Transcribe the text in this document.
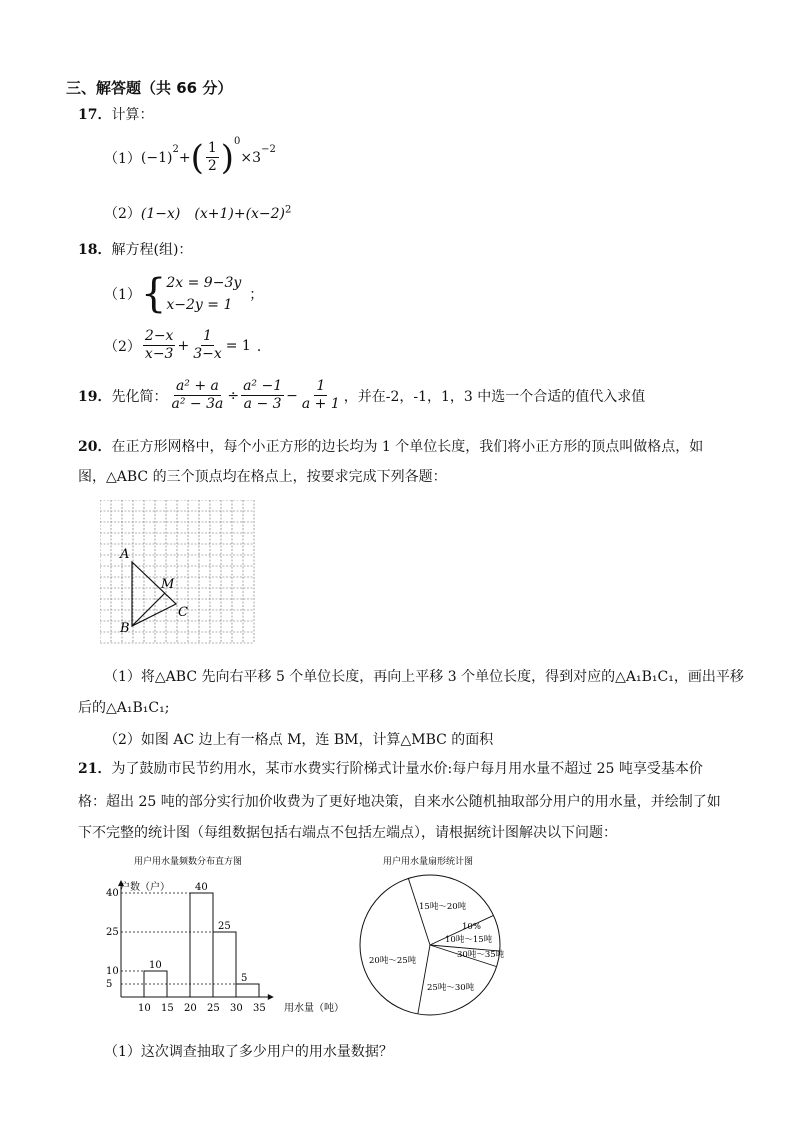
三、解答题（共 66 分）
17．计算：
（1） $(-1)^2$ + ( $\frac{1}{2} )^0$
$\times 3^{-2}$
（2）(1−x)　$(x+1)+(x-2)^2$
18．解方程(组)：
（1） { 2x = 9−3y
x−2y = 1
；
$(2) \frac{2-x}{x-3} + \frac{1}{3-x} = 1$ ．
19． 先化简： $\frac{\text{a² + a}}{\text{a² − 3a}} \div \frac{\text{a² −1}}{a - 3} - \frac{1}{a + 1}$ ，并在-2，-1，1，3 中选一个合适的值代入求值
20．在正方形网格中，每个小正方形的边长均为 1 个单位长度，我们将小正方形的顶点叫做格点，如
图，△ABC 的三个顶点均在格点上，按要求完成下列各题：
A
B
C
M
（1）将△ABC 先向右平移 5 个单位长度，再向上平移 3 个单位长度，得到对应的△A₁B₁C₁，画出平移
后的△A₁B₁C₁;
（2）如图 AC 边上有一格点 M，连 BM，计算△MBC 的面积
21．为了鼓励市民节约用水，某市水费实行阶梯式计量水价:每户每月用水量不超过 25 吨享受基本价
格：超出 25 吨的部分实行加价收费为了更好地决策，自来水公随机抽取部分用户的用水量，并绘制了如
下不完整的统计图（每组数据包括右端点不包括左端点），请根据统计图解决以下问题：
用户用水量频数分布直方图
5
10
25
40
10 15 20 25 30 35
10
40
25
5
户数（户）
用水量（吨）
用户用水量扇形统计图
15吨～20吨
10%
10吨～15吨
30吨～35吨
25吨～30吨
20吨～25吨
（1）这次调查抽取了多少用户的用水量数据？
